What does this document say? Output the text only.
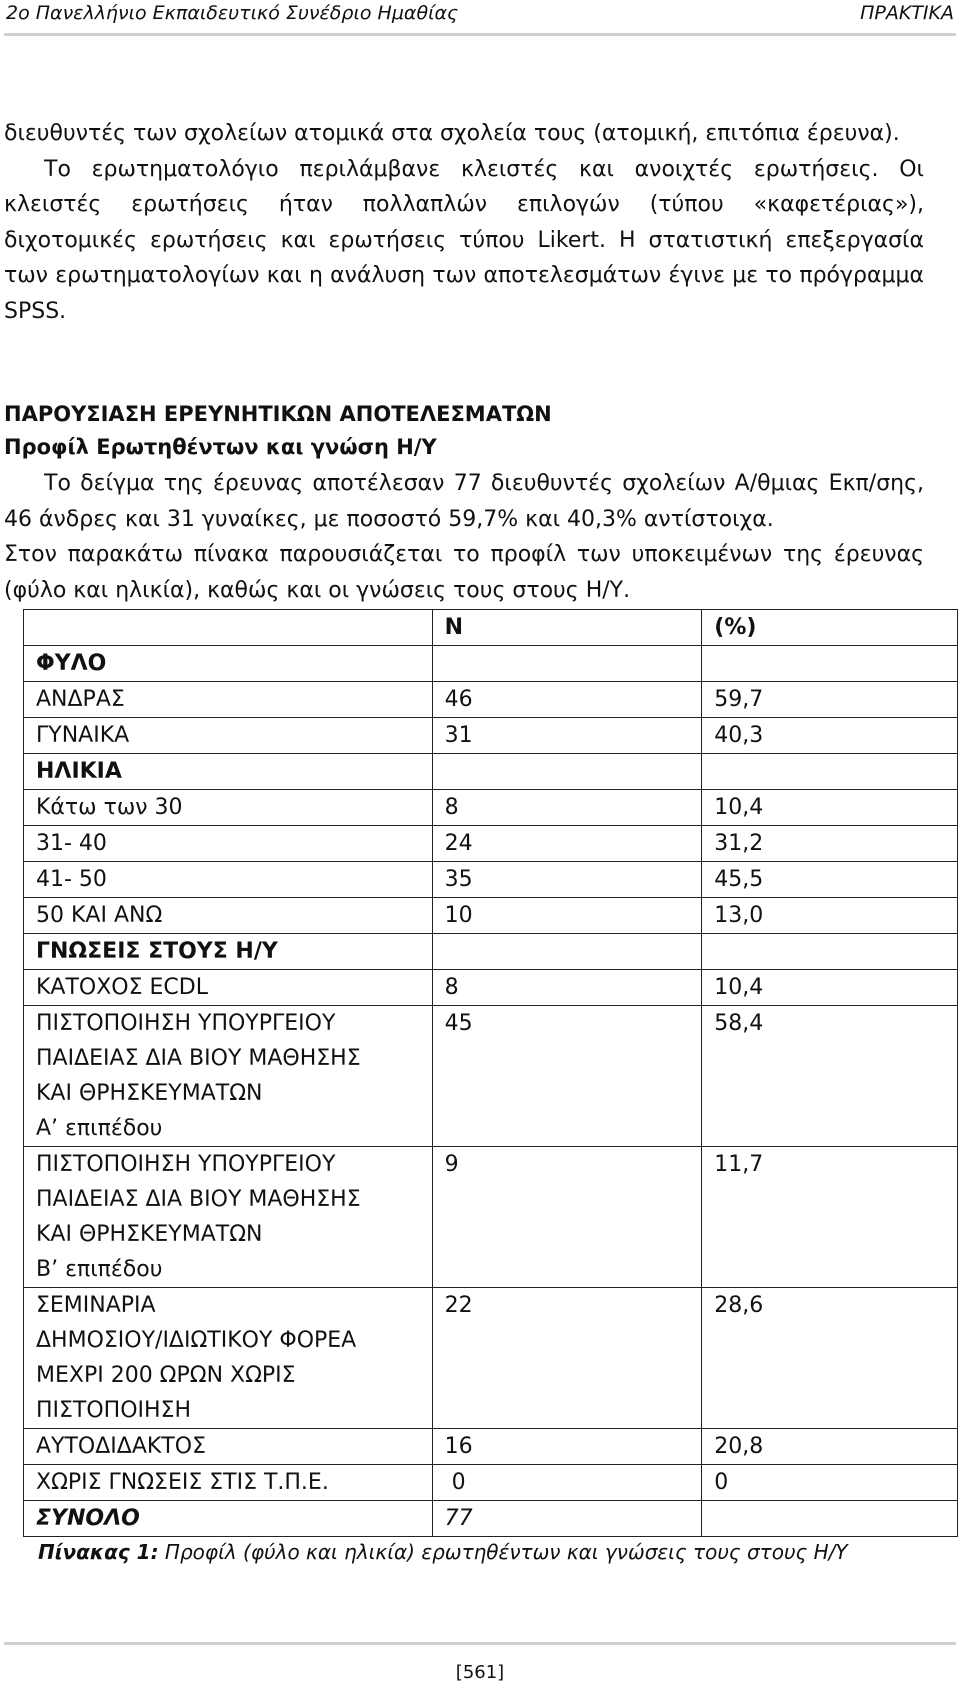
2ο Πανελλήνιο Εκπαιδευτικό Συνέδριο Ημαθίας	ΠΡΑΚΤΙΚΑ
διευθυντές των σχολείων ατομικά στα σχολεία τους (ατομική, επιτόπια έρευνα).
Το ερωτηματολόγιο περιλάμβανε κλειστές και ανοιχτές ερωτήσεις. Οι κλειστές ερωτήσεις ήταν πολλαπλών επιλογών (τύπου «καφετέριας»), διχοτομικές ερωτήσεις και ερωτήσεις τύπου Likert. Η στατιστική επεξεργασία των ερωτηματολογίων και η ανάλυση των αποτελεσμάτων έγινε με το πρόγραμμα SPSS.
ΠΑΡΟΥΣΙΑΣΗ ΕΡΕΥΝΗΤΙΚΩΝ ΑΠΟΤΕΛΕΣΜΑΤΩΝ
Προφίλ Ερωτηθέντων και γνώση Η/Υ
Το δείγμα της έρευνας αποτέλεσαν 77 διευθυντές σχολείων Α/θμιας Εκπ/σης, 46 άνδρες και 31 γυναίκες, με ποσοστό 59,7% και 40,3% αντίστοιχα.
Στον παρακάτω πίνακα παρουσιάζεται το προφίλ των υποκειμένων της έρευνας (φύλο και ηλικία), καθώς και οι γνώσεις τους στους Η/Υ.
	N	(%)
ΦΥΛΟ		
ΑΝΔΡΑΣ	46	59,7
ΓΥΝΑΙΚΑ	31	40,3
ΗΛΙΚΙΑ		
Κάτω των 30	8	10,4
31- 40	24	31,2
41- 50	35	45,5
50 ΚΑΙ ΑΝΩ	10	13,0
ΓΝΩΣΕΙΣ ΣΤΟΥΣ Η/Υ		
ΚΑΤΟΧΟΣ ECDL	8	10,4
ΠΙΣΤΟΠΟΙΗΣΗ ΥΠΟΥΡΓΕΙΟΥ
ΠΑΙΔΕΙΑΣ ΔΙΑ ΒΙΟΥ ΜΑΘΗΣΗΣ
ΚΑΙ ΘΡΗΣΚΕΥΜΑΤΩΝ
Α’ επιπέδου	45	58,4
ΠΙΣΤΟΠΟΙΗΣΗ ΥΠΟΥΡΓΕΙΟΥ
ΠΑΙΔΕΙΑΣ ΔΙΑ ΒΙΟΥ ΜΑΘΗΣΗΣ
ΚΑΙ ΘΡΗΣΚΕΥΜΑΤΩΝ
Β’ επιπέδου	9	11,7
ΣΕΜΙΝΑΡΙΑ
ΔΗΜΟΣΙΟΥ/ΙΔΙΩΤΙΚΟΥ ΦΟΡΕΑ
ΜΕΧΡΙ 200 ΩΡΩΝ ΧΩΡΙΣ
ΠΙΣΤΟΠΟΙΗΣΗ	22	28,6
ΑΥΤΟΔΙΔΑΚΤΟΣ	16	20,8
ΧΩΡΙΣ ΓΝΩΣΕΙΣ ΣΤΙΣ Τ.Π.Ε.	0	0
ΣΥΝΟΛΟ	77	
Πίνακας 1: Προφίλ (φύλο και ηλικία) ερωτηθέντων και γνώσεις τους στους Η/Υ
[561]
